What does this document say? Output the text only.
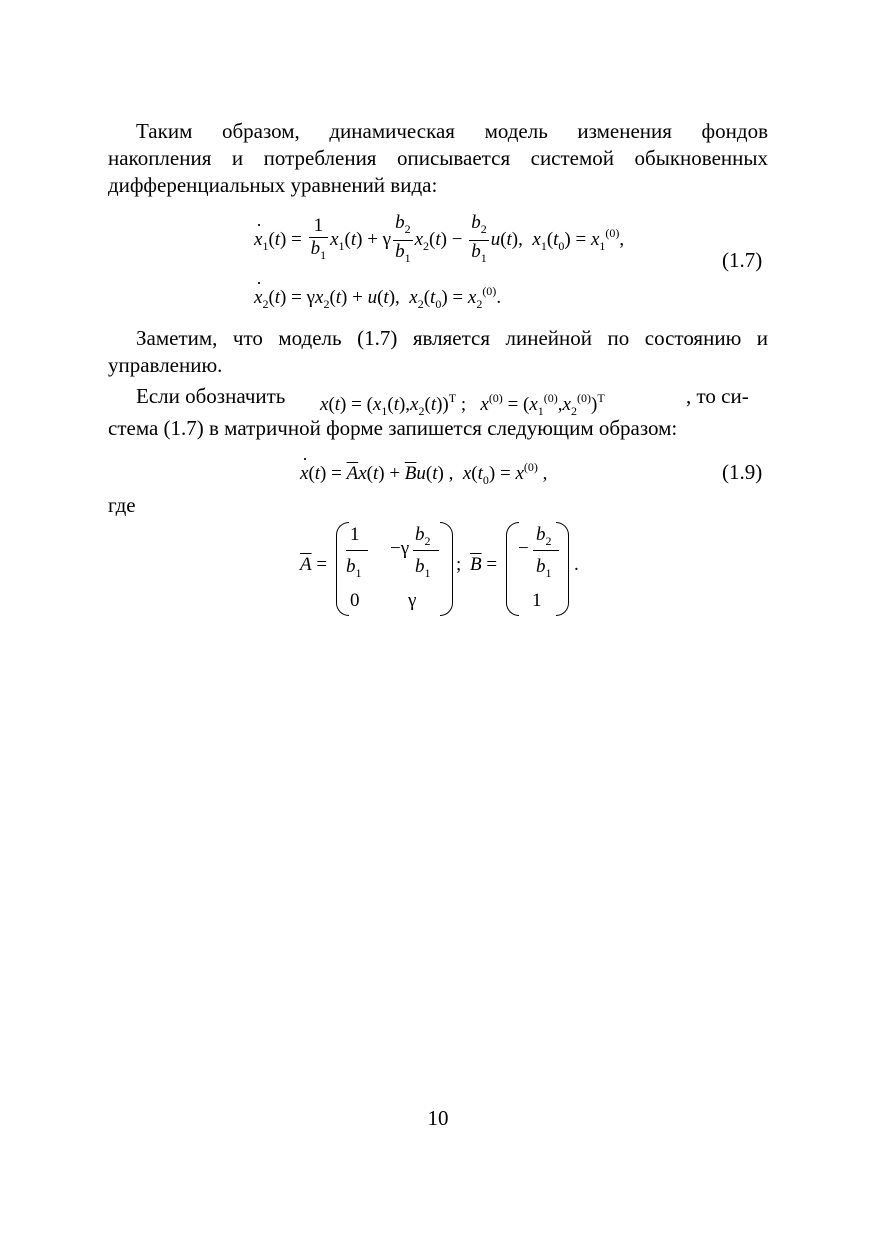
Таким образом, динамическая модель изменения фондов
накопления и потребления описывается системой обыкновенных
дифференциальных уравнений вида:
· $x_1(t) = \frac{1}{b_1} x_1(t) + \gamma \frac{b_2}{b_1} x_2(t) - \frac{b_2}{b_1} u(t)$,  $x_1(t_0) = x_1^{(0)}$,
(1.7)
· $x_2(t) = \gamma x_2(t) + u(t)$,  $x_2(t_0) = x_2^{(0)}$.
Заметим, что модель (1.7) является линейной по состоянию и
управлению.
Если обозначить $x(t) = (x_1(t),x_2(t))^T$ ;   $x^{(0)} = (x_1^{(0)},x_2^{(0)})^T$	, то си-
стема (1.7) в матричной форме запишется следующим образом:
· $x(t) = \overline{A}x(t) + \overline{B}u(t)$ ,  $x(t_0) = x^{(0)}$ ,	(1.9)
где
$\overline{A}$ =
1
$b_1$
−γ
$b_2$
$b_1$
0	γ
; $\overline{B}$ =
−
$b_2$
$b_1$
1
.
10
